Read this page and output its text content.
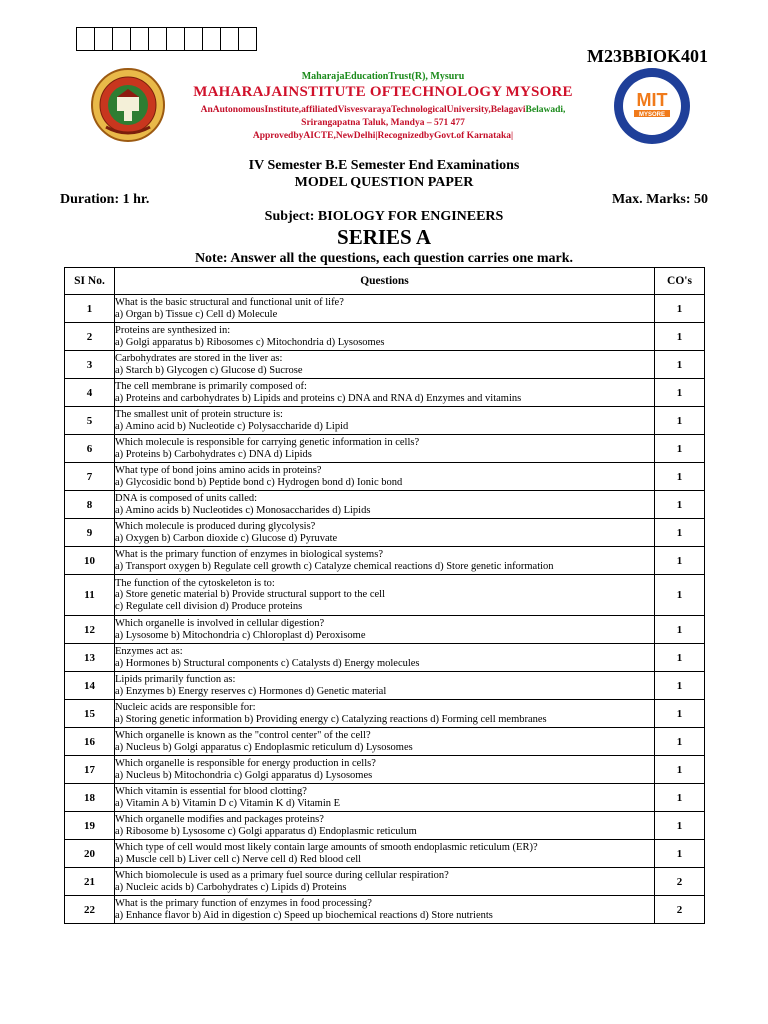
M23BBIOK401
MIT
MYSORE
MaharajaEducationTrust(R), Mysuru
MAHARAJAINSTITUTE OFTECHNOLOGY MYSORE
AnAutonomousInstitute,affiliatedVisvesvarayaTechnologicalUniversity,BelagaviBelawadi,
Srirangapatna Taluk, Mandya – 571 477
ApprovedbyAICTE,NewDelhi|RecognizedbyGovt.of Karnataka|
IV Semester B.E Semester End Examinations
MODEL QUESTION PAPER
Duration: 1 hr.	Max. Marks: 50
Subject: BIOLOGY FOR ENGINEERS
SERIES A
Note: Answer all the questions, each question carries one mark.
SI No.	Questions	CO's
1	What is the basic structural and functional unit of life?
a) Organ b) Tissue c) Cell d) Molecule	1
2	Proteins are synthesized in:
a) Golgi apparatus b) Ribosomes c) Mitochondria d) Lysosomes	1
3	Carbohydrates are stored in the liver as:
a) Starch b) Glycogen c) Glucose d) Sucrose	1
4	The cell membrane is primarily composed of:
a) Proteins and carbohydrates b) Lipids and proteins c) DNA and RNA d) Enzymes and vitamins	1
5	The smallest unit of protein structure is:
a) Amino acid b) Nucleotide c) Polysaccharide d) Lipid	1
6	Which molecule is responsible for carrying genetic information in cells?
a) Proteins b) Carbohydrates c) DNA d) Lipids	1
7	What type of bond joins amino acids in proteins?
a) Glycosidic bond b) Peptide bond c) Hydrogen bond d) Ionic bond	1
8	DNA is composed of units called:
a) Amino acids b) Nucleotides c) Monosaccharides d) Lipids	1
9	Which molecule is produced during glycolysis?
a) Oxygen b) Carbon dioxide c) Glucose d) Pyruvate	1
10	What is the primary function of enzymes in biological systems?
a) Transport oxygen b) Regulate cell growth c) Catalyze chemical reactions d) Store genetic information	1
11	The function of the cytoskeleton is to:
a) Store genetic material b) Provide structural support to the cell
c) Regulate cell division d) Produce proteins	1
12	Which organelle is involved in cellular digestion?
a) Lysosome b) Mitochondria c) Chloroplast d) Peroxisome	1
13	Enzymes act as:
a) Hormones b) Structural components c) Catalysts d) Energy molecules	1
14	Lipids primarily function as:
a) Enzymes b) Energy reserves c) Hormones d) Genetic material	1
15	Nucleic acids are responsible for:
a) Storing genetic information b) Providing energy c) Catalyzing reactions d) Forming cell membranes	1
16	Which organelle is known as the "control center" of the cell?
a) Nucleus b) Golgi apparatus c) Endoplasmic reticulum d) Lysosomes	1
17	Which organelle is responsible for energy production in cells?
a) Nucleus b) Mitochondria c) Golgi apparatus d) Lysosomes	1
18	Which vitamin is essential for blood clotting?
a) Vitamin A b) Vitamin D c) Vitamin K d) Vitamin E	1
19	Which organelle modifies and packages proteins?
a) Ribosome b) Lysosome c) Golgi apparatus d) Endoplasmic reticulum	1
20	Which type of cell would most likely contain large amounts of smooth endoplasmic reticulum (ER)?
a) Muscle cell b) Liver cell c) Nerve cell d) Red blood cell	1
21	Which biomolecule is used as a primary fuel source during cellular respiration?
a) Nucleic acids b) Carbohydrates c) Lipids d) Proteins	2
22	What is the primary function of enzymes in food processing?
a) Enhance flavor b) Aid in digestion c) Speed up biochemical reactions d) Store nutrients	2
